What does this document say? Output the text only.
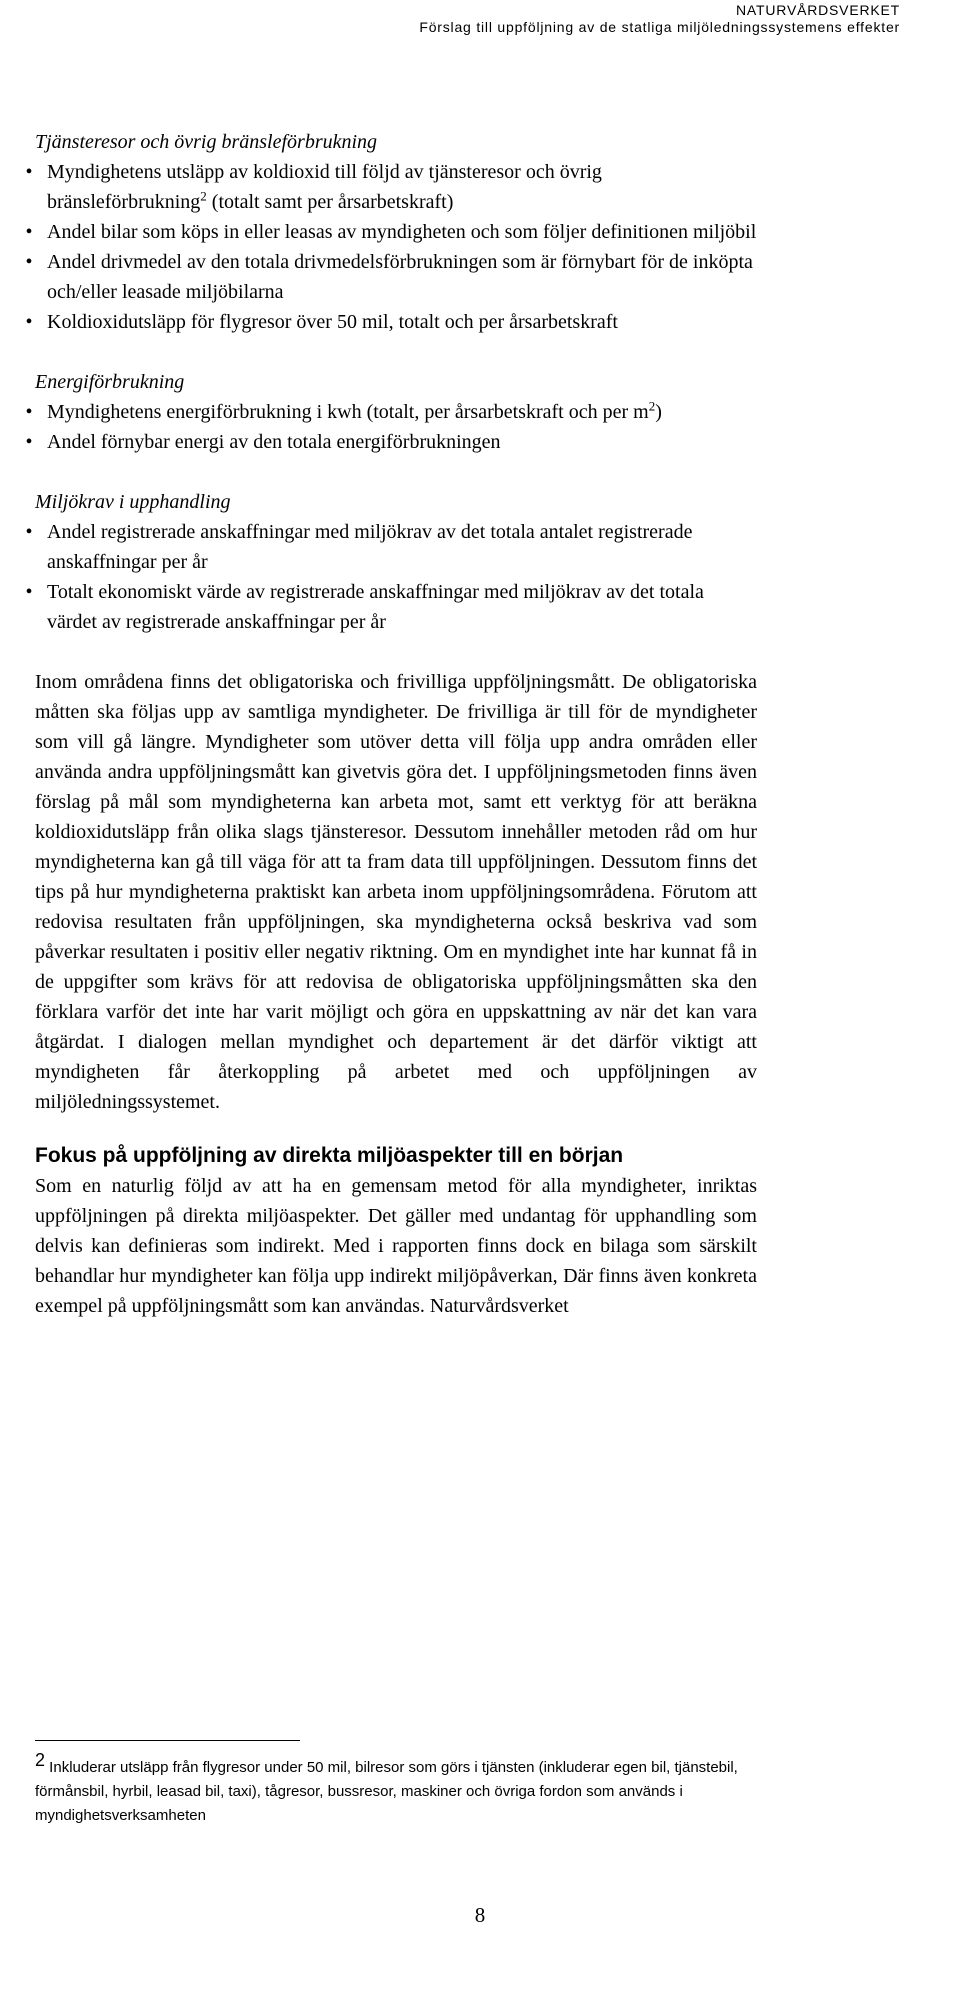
NATURVÅRDSVERKET
Förslag till uppföljning av de statliga miljöledningssystemens effekter

Tjänsteresor och övrig bränsleförbrukning

• Myndighetens utsläpp av koldioxid till följd av tjänsteresor och övrig bränsleförbrukning$^2$ (totalt samt per årsarbetskraft)
• Andel bilar som köps in eller leasas av myndigheten och som följer definitionen miljöbil
• Andel drivmedel av den totala drivmedelsförbrukningen som är förnybart för de inköpta och/eller leasade miljöbilarna
• Koldioxidutsläpp för flygresor över 50 mil, totalt och per årsarbetskraft

Energiförbrukning

• Myndighetens energiförbrukning i kwh (totalt, per årsarbetskraft och per $m^2$)
• Andel förnybar energi av den totala energiförbrukningen

Miljökrav i upphandling

• Andel registrerade anskaffningar med miljökrav av det totala antalet registrerade anskaffningar per år
• Totalt ekonomiskt värde av registrerade anskaffningar med miljökrav av det totala värdet av registrerade anskaffningar per år

Inom områdena finns det obligatoriska och frivilliga uppföljningsmått. De obligatoriska måtten ska följas upp av samtliga myndigheter. De frivilliga är till för de myndigheter som vill gå längre. Myndigheter som utöver detta vill följa upp andra områden eller använda andra uppföljningsmått kan givetvis göra det. I uppföljningsmetoden finns även förslag på mål som myndigheterna kan arbeta mot, samt ett verktyg för att beräkna koldioxidutsläpp från olika slags tjänsteresor. Dessutom innehåller metoden råd om hur myndigheterna kan gå till väga för att ta fram data till uppföljningen. Dessutom finns det tips på hur myndigheterna praktiskt kan arbeta inom uppföljningsområdena. Förutom att redovisa resultaten från uppföljningen, ska myndigheterna också beskriva vad som påverkar resultaten i positiv eller negativ riktning. Om en myndighet inte har kunnat få in de uppgifter som krävs för att redovisa de obligatoriska uppföljningsmåtten ska den förklara varför det inte har varit möjligt och göra en uppskattning av när det kan vara åtgärdat. I dialogen mellan myndighet och departement är det därför viktigt att myndigheten får återkoppling på arbetet med och uppföljningen av miljöledningssystemet.

Fokus på uppföljning av direkta miljöaspekter till en början

Som en naturlig följd av att ha en gemensam metod för alla myndigheter, inriktas uppföljningen på direkta miljöaspekter. Det gäller med undantag för upphandling som delvis kan definieras som indirekt. Med i rapporten finns dock en bilaga som särskilt behandlar hur myndigheter kan följa upp indirekt miljöpåverkan, Där finns även konkreta exempel på uppföljningsmått som kan användas. Naturvårdsverket

2 Inkluderar utsläpp från flygresor under 50 mil, bilresor som görs i tjänsten (inkluderar egen bil, tjänstebil, förmånsbil, hyrbil, leasad bil, taxi), tågresor, bussresor, maskiner och övriga fordon som används i myndighetsverksamheten
8
